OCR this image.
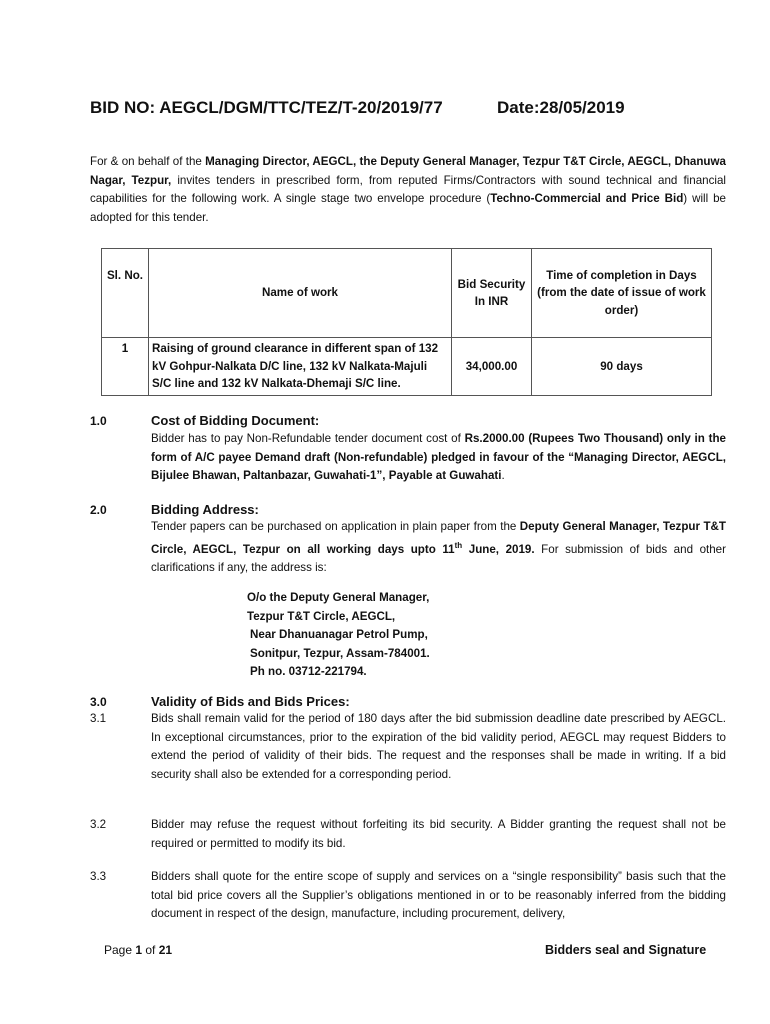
BID NO: AEGCL/DGM/TTC/TEZ/T-20/2019/77	Date:28/05/2019
For & on behalf of the Managing Director, AEGCL, the Deputy General Manager, Tezpur T&T Circle, AEGCL, Dhanuwa Nagar, Tezpur, invites tenders in prescribed form, from reputed Firms/Contractors with sound technical and financial capabilities for the following work. A single stage two envelope procedure (Techno-Commercial and Price Bid) will be adopted for this tender.
Sl. No.	Name of work	Bid Security In INR	Time of completion in Days (from the date of issue of work order)
1	Raising of ground clearance in different span of 132 kV Gohpur-Nalkata D/C line, 132 kV Nalkata-Majuli S/C line and 132 kV Nalkata-Dhemaji S/C line.	34,000.00	90 days
1.0	Cost of Bidding Document:
Bidder has to pay Non-Refundable tender document cost of Rs.2000.00 (Rupees Two Thousand) only in the form of A/C payee Demand draft (Non-refundable) pledged in favour of the “Managing Director, AEGCL, Bijulee Bhawan, Paltanbazar, Guwahati-1”, Payable at Guwahati.
2.0	Bidding Address:
Tender papers can be purchased on application in plain paper from the Deputy General Manager, Tezpur T&T Circle, AEGCL, Tezpur on all working days upto 11th June, 2019. For submission of bids and other clarifications if any, the address is:
O/o the Deputy General Manager,
Tezpur T&T Circle, AEGCL,
Near Dhanuanagar Petrol Pump,
Sonitpur, Tezpur, Assam-784001.
Ph no. 03712-221794.
3.0	Validity of Bids and Bids Prices:
3.1	Bids shall remain valid for the period of 180 days after the bid submission deadline date prescribed by AEGCL. In exceptional circumstances, prior to the expiration of the bid validity period, AEGCL may request Bidders to extend the period of validity of their bids. The request and the responses shall be made in writing. If a bid security shall also be extended for a corresponding period.
3.2	Bidder may refuse the request without forfeiting its bid security. A Bidder granting the request shall not be required or permitted to modify its bid.
3.3	Bidders shall quote for the entire scope of supply and services on a “single responsibility” basis such that the total bid price covers all the Supplier’s obligations mentioned in or to be reasonably inferred from the bidding document in respect of the design, manufacture, including procurement, delivery,
Page 1 of 21	Bidders seal and Signature
